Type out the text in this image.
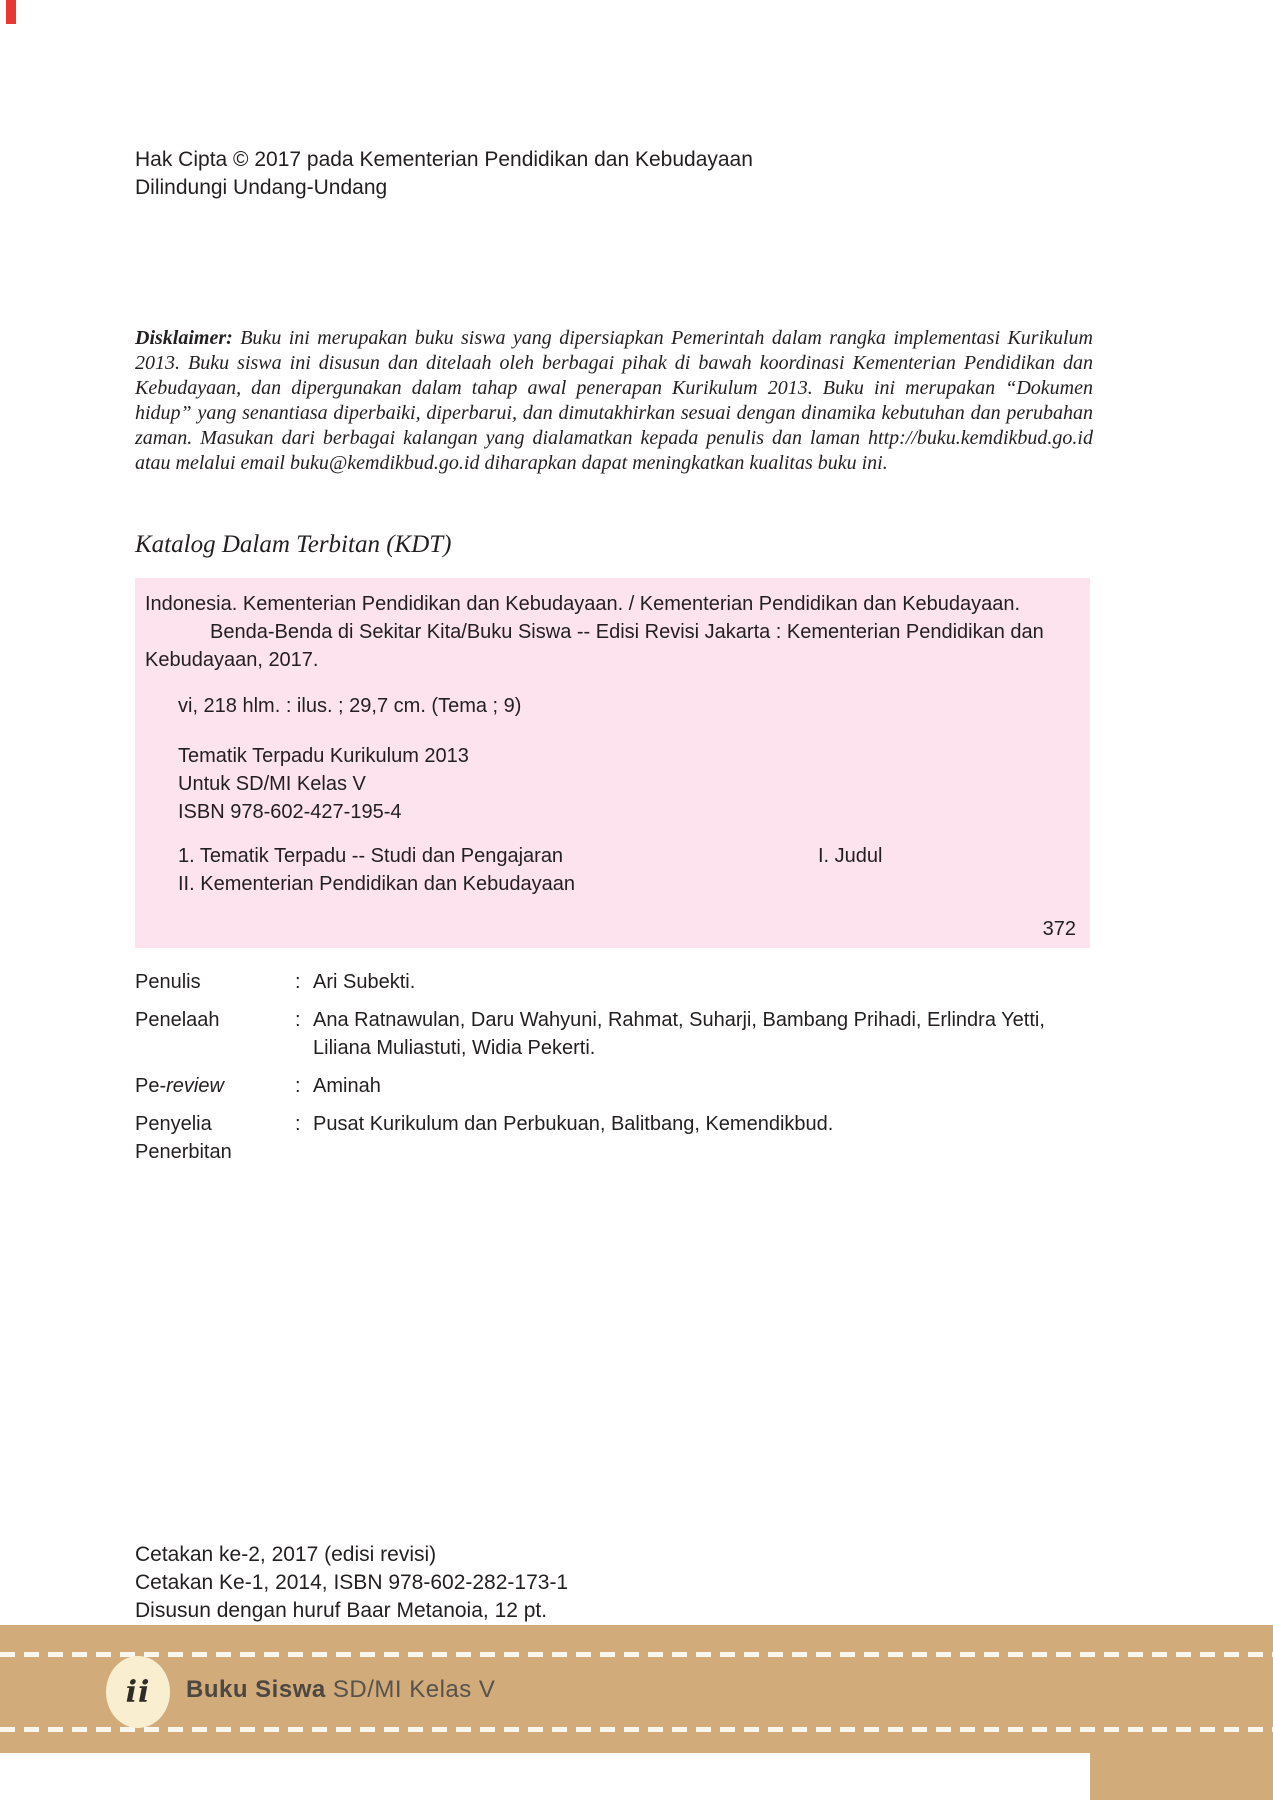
Hak Cipta © 2017 pada Kementerian Pendidikan dan Kebudayaan
Dilindungi Undang-Undang

Disklaimer: Buku ini merupakan buku siswa yang dipersiapkan Pemerintah dalam rangka implementasi Kurikulum 2013. Buku siswa ini disusun dan ditelaah oleh berbagai pihak di bawah koordinasi Kementerian Pendidikan dan Kebudayaan, dan dipergunakan dalam tahap awal penerapan Kurikulum 2013. Buku ini merupakan “Dokumen hidup” yang senantiasa diperbaiki, diperbarui, dan dimutakhirkan sesuai dengan dinamika kebutuhan dan perubahan zaman. Masukan dari berbagai kalangan yang dialamatkan kepada penulis dan laman http://buku.kemdikbud.go.id atau melalui email buku@kemdikbud.go.id diharapkan dapat meningkatkan kualitas buku ini.

Katalog Dalam Terbitan (KDT)
Indonesia. Kementerian Pendidikan dan Kebudayaan. / Kementerian Pendidikan dan Kebudayaan.
Benda-Benda di Sekitar Kita/Buku Siswa -- Edisi Revisi Jakarta : Kementerian Pendidikan dan
Kebudayaan, 2017.
vi, 218 hlm. : ilus. ; 29,7 cm. (Tema ; 9)
Tematik Terpadu Kurikulum 2013
Untuk SD/MI Kelas V
ISBN 978-602-427-195-4
1. Tematik Terpadu -- Studi dan Pengajaran	I. Judul
II. Kementerian Pendidikan dan Kebudayaan
372
Penulis	: Ari Subekti.
Penelaah	: Ana Ratnawulan, Daru Wahyuni, Rahmat, Suharji, Bambang Prihadi, Erlindra Yetti, Liliana Muliastuti, Widia Pekerti.
Pe-review	: Aminah
Penyelia Penerbitan
: Pusat Kurikulum dan Perbukuan, Balitbang, Kemendikbud.
Cetakan ke-2, 2017 (edisi revisi)
Cetakan Ke-1, 2014, ISBN 978-602-282-173-1
Disusun dengan huruf Baar Metanoia, 12 pt.
ii Buku Siswa SD/MI Kelas V
